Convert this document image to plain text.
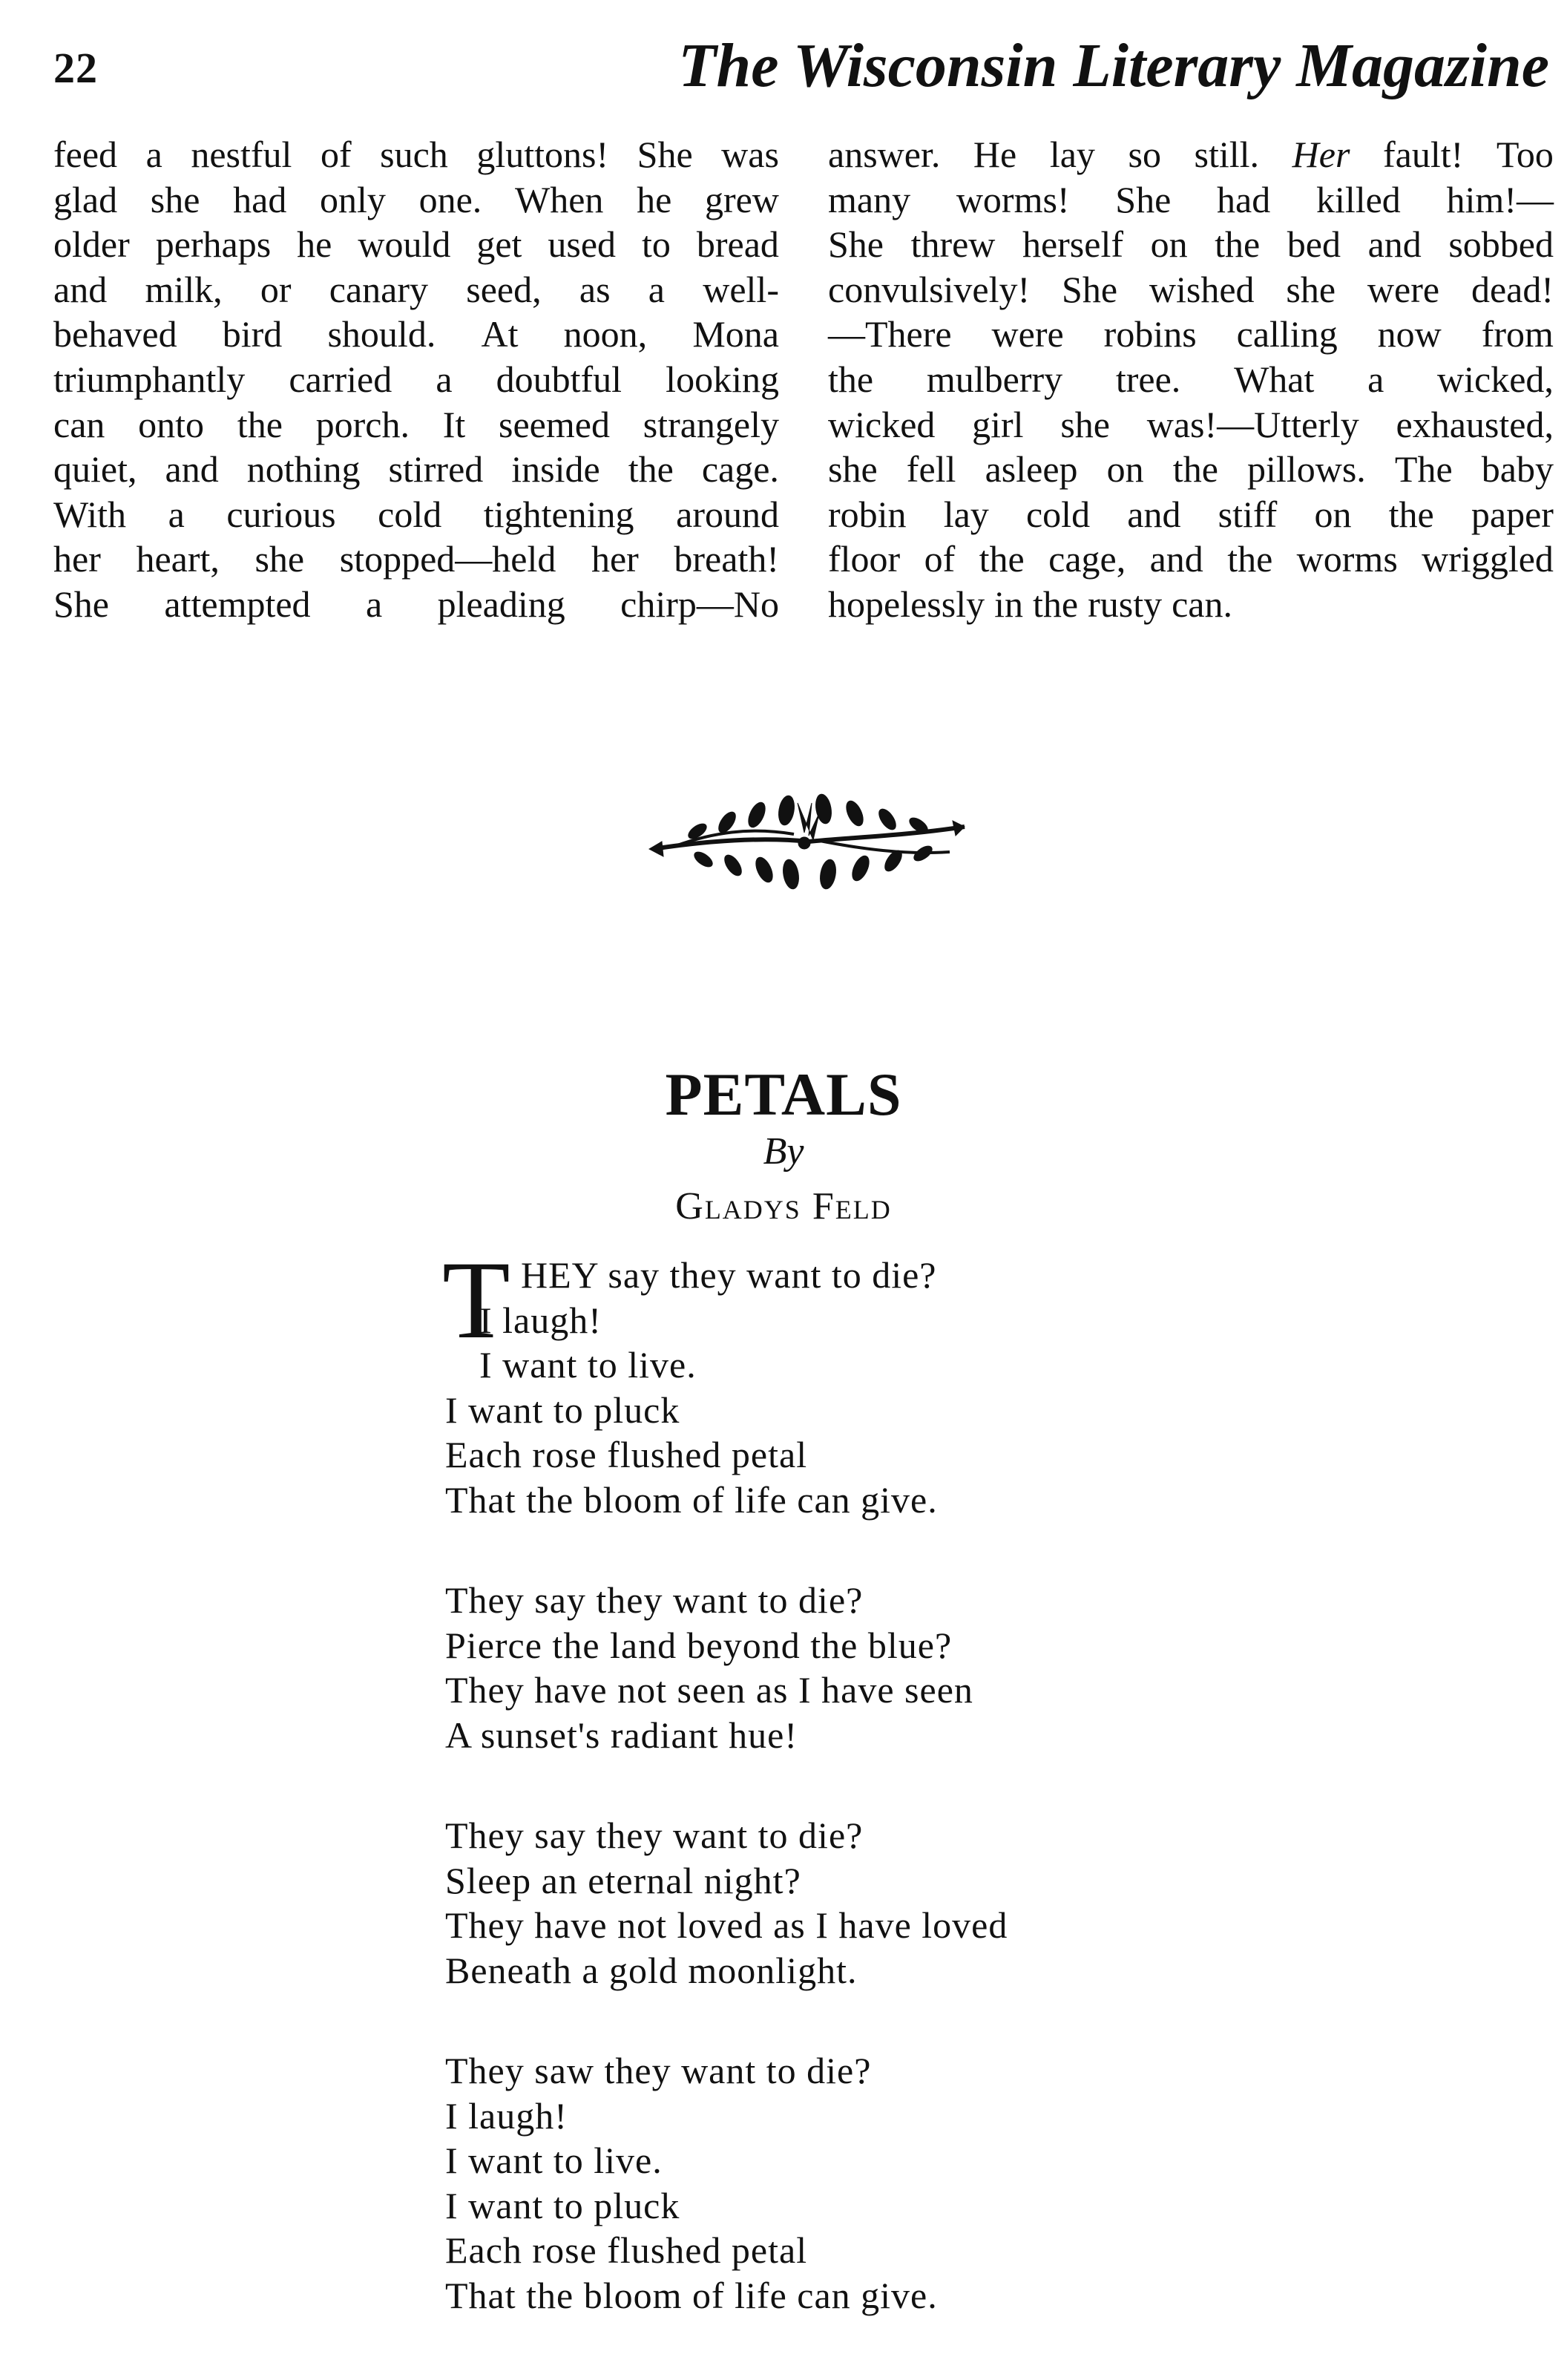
22	The Wisconsin Literary Magazine
feed a nestful of such gluttons! She was
glad she had only one. When he grew
older perhaps he would get used to bread
and milk, or canary seed, as a well-
behaved bird should. At noon, Mona
triumphantly carried a doubtful looking
can onto the porch. It seemed strangely
quiet, and nothing stirred inside the cage.
With a curious cold tightening around
her heart, she stopped—held her breath!
She attempted a pleading chirp—No
answer. He lay so still. Her fault! Too
many worms! She had killed him!—
She threw herself on the bed and sobbed
convulsively! She wished she were dead!
—There were robins calling now from
the mulberry tree. What a wicked,
wicked girl she was!—Utterly exhausted,
she fell asleep on the pillows. The baby
robin lay cold and stiff on the paper
floor of the cage, and the worms wriggled
hopelessly in the rusty can.
PETALS
By
Gladys Feld
T HEY say they want to die?
I laugh!
I want to live.
I want to pluck
Each rose flushed petal
That the bloom of life can give.
They say they want to die?
Pierce the land beyond the blue?
They have not seen as I have seen
A sunset's radiant hue!
They say they want to die?
Sleep an eternal night?
They have not loved as I have loved
Beneath a gold moonlight.
They saw they want to die?
I laugh!
I want to live.
I want to pluck
Each rose flushed petal
That the bloom of life can give.
